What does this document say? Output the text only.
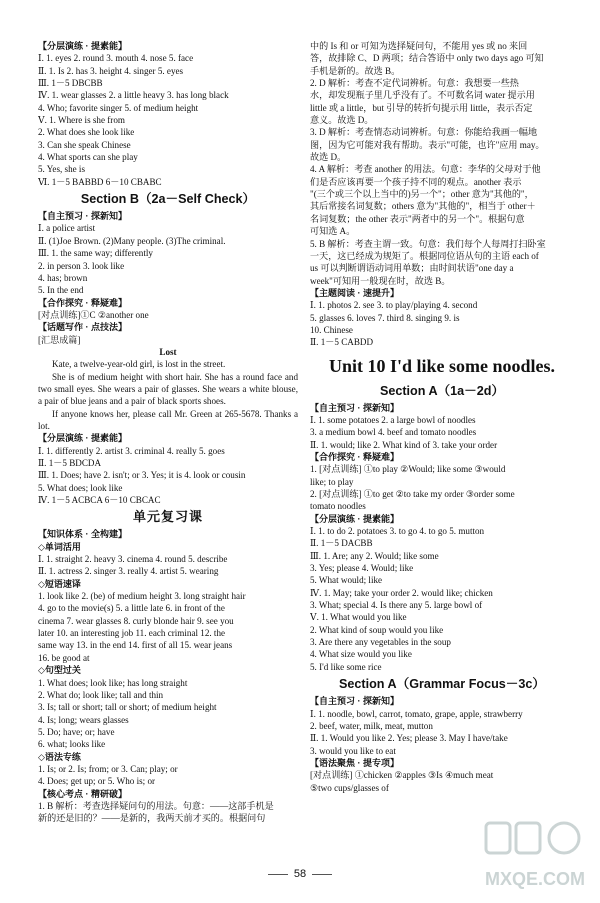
【分层演练 · 提素能】
Ⅰ. 1. eyes 2. round 3. mouth 4. nose 5. face
Ⅱ. 1. Is 2. has 3. height 4. singer 5. eyes
Ⅲ. 1－5 DBCBB
Ⅳ. 1. wear glasses 2. a little heavy 3. has long black
4. Who; favorite singer 5. of medium height
Ⅴ. 1. Where is she from
2. What does she look like
3. Can she speak Chinese
4. What sports can she play
5. Yes, she is
Ⅵ. 1－5 BABBD 6－10 CBABC
Section B（2a－Self Check）
【自主预习 · 探新知】
Ⅰ. a police artist
Ⅱ. (1)Joe Brown. (2)Many people. (3)The criminal.
Ⅲ. 1. the same way; differently
2. in person 3. look like
4. has; brown
5. In the end
【合作探究 · 释疑难】
[对点训练]①C ②another one
【话题写作 · 点技法】
[汇思成篇]
Lost
Kate, a twelve-year-old girl, is lost in the street.
She is of medium height with short hair. She has a round face and two small eyes. She wears a pair of glasses. She wears a white blouse, a pair of blue jeans and a pair of black sports shoes.
If anyone knows her, please call Mr. Green at 265-5678. Thanks a lot.
【分层演练 · 提素能】
Ⅰ. 1. differently 2. artist 3. criminal 4. really 5. goes
Ⅱ. 1－5 BDCDA
Ⅲ. 1. Does; have 2. isn't; or 3. Yes; it is 4. look or cousin
5. What does; look like
Ⅳ. 1－5 ACBCA 6－10 CBCAC
单元复习课
【知识体系 · 全构建】
◇单词活用
Ⅰ. 1. straight 2. heavy 3. cinema 4. round 5. describe
Ⅱ. 1. actress 2. singer 3. really 4. artist 5. wearing
◇短语速译
1. look like 2. (be) of medium height 3. long straight hair
4. go to the movie(s) 5. a little late 6. in front of the
cinema 7. wear glasses 8. curly blonde hair 9. see you
later 10. an interesting job 11. each criminal 12. the
same way 13. in the end 14. first of all 15. wear jeans
16. be good at
◇句型过关
1. What does; look like; has long straight
2. What do; look like; tall and thin
3. Is; tall or short; tall or short; of medium height
4. Is; long; wears glasses
5. Do; have; or; have
6. what; looks like
◇语法专练
1. Is; or 2. Is; from; or 3. Can; play; or
4. Does; get up; or 5. Who is; or
【核心考点 · 精研破】
1. B 解析：考查选择疑问句的用法。句意：——这部手机是
新的还是旧的？——是新的，我两天前才买的。根据问句
中的 Is 和 or 可知为选择疑问句，不能用 yes 或 no 来回
答，故排除 C、D 两项；结合答语中 only two days ago 可知
手机是新的。故选 B。
2. D 解析：考查不定代词辨析。句意：我想要一些热
水，却发现瓶子里几乎没有了。不可数名词 water 提示用
little 或 a little，but 引导的转折句提示用 little，表示否定
意义。故选 D。
3. D 解析：考查情态动词辨析。句意：你能给我画一幅地
图，因为它可能对我有帮助。表示"可能，也许"应用 may。
故选 D。
4. A 解析：考查 another 的用法。句意：李华的父母对于他
们是否应该再要一个孩子持不同的观点。another 表示
"(三个或三个以上当中的)另一个"；other 意为"其他的"，
其后常接名词复数；others 意为"其他的"，相当于 other＋
名词复数；the other 表示"两者中的另一个"。根据句意
可知选 A。
5. B 解析：考查主谓一致。句意：我们每个人每周打扫卧室
一天，这已经成为规矩了。根据同位语从句的主语 each of
us 可以判断谓语动词用单数；由时间状语"one day a
week"可知用一般现在时，故选 B。
【主题阅读 · 速提升】
Ⅰ. 1. photos 2. see 3. to play/playing 4. second
5. glasses 6. loves 7. third 8. singing 9. is
10. Chinese
Ⅱ. 1－5 CABDD
Unit 10 I'd like some noodles.
Section A（1a－2d）
【自主预习 · 探新知】
Ⅰ. 1. some potatoes 2. a large bowl of noodles
3. a medium bowl 4. beef and tomato noodles
Ⅱ. 1. would; like 2. What kind of 3. take your order
【合作探究 · 释疑难】
1. [对点训练] ①to play ②Would; like some ③would
like; to play
2. [对点训练] ①to get ②to take my order ③order some
tomato noodles
【分层演练 · 提素能】
Ⅰ. 1. to do 2. potatoes 3. to go 4. to go 5. mutton
Ⅱ. 1－5 DACBB
Ⅲ. 1. Are; any 2. Would; like some
3. Yes; please 4. Would; like
5. What would; like
Ⅳ. 1. May; take your order 2. would like; chicken
3. What; special 4. Is there any 5. large bowl of
Ⅴ. 1. What would you like
2. What kind of soup would you like
3. Are there any vegetables in the soup
4. What size would you like
5. I'd like some rice
Section A（Grammar Focus－3c）
【自主预习 · 探新知】
Ⅰ. 1. noodle, bowl, carrot, tomato, grape, apple, strawberry
2. beef, water, milk, meat, mutton
Ⅱ. 1. Would you like 2. Yes; please 3. May I have/take
3. would you like to eat
【语法聚焦 · 提专项】
[对点训练] ①chicken ②apples ③Is ④much meat
⑤two cups/glasses of
58	MXQE.COM
